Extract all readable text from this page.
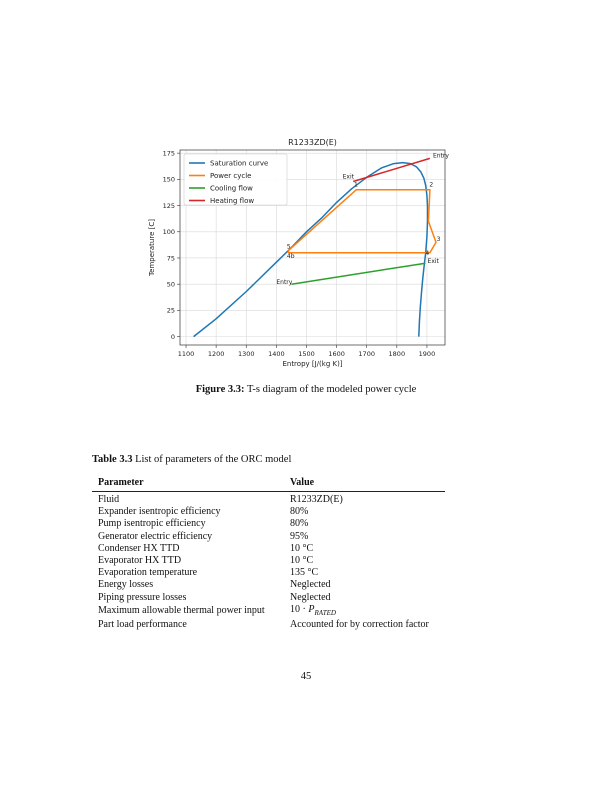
R1233ZD(E)
1100 1200 1300 1400 1500 1600 1700 1800 1900
0
25
50
75
100
125
150
175
Entropy [J/(kg K)]
Temperature [C]
Entry
Exit
1	2
3
4
Exit
5
4b
Entry
Saturation curve
Power cycle
Cooling flow
Heating flow
Figure 3.3: T-s diagram of the modeled power cycle
Table 3.3 List of parameters of the ORC model
Parameter	Value
Fluid	R1233ZD(E)
Expander isentropic efficiency	80%
Pump isentropic efficiency	80%
Generator electric efficiency	95%
Condenser HX TTD	10 °C
Evaporator HX TTD	10 °C
Evaporation temperature	135 °C
Energy losses	Neglected
Piping pressure losses	Neglected
Maximum allowable thermal power input	$10 \cdot P_{RATED}$
Part load performance	Accounted for by correction factor
45
